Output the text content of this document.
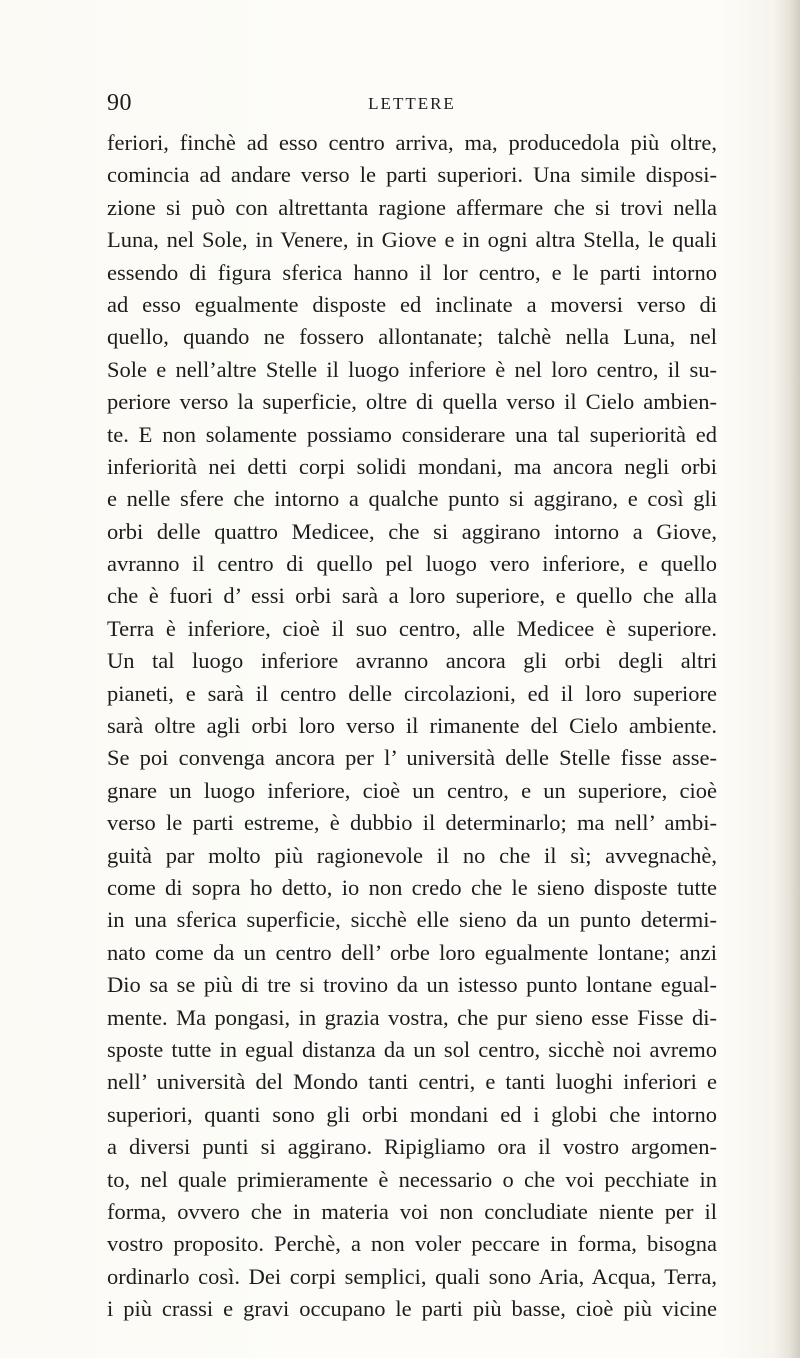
90	LETTERE
feriori, finchè ad esso centro arriva, ma, producedola più oltre,
comincia ad andare verso le parti superiori. Una simile disposi-
zione si può con altrettanta ragione affermare che si trovi nella
Luna, nel Sole, in Venere, in Giove e in ogni altra Stella, le quali
essendo di figura sferica hanno il lor centro, e le parti intorno
ad esso egualmente disposte ed inclinate a moversi verso di
quello, quando ne fossero allontanate; talchè nella Luna, nel
Sole e nell’altre Stelle il luogo inferiore è nel loro centro, il su-
periore verso la superficie, oltre di quella verso il Cielo ambien-
te. E non solamente possiamo considerare una tal superiorità ed
inferiorità nei detti corpi solidi mondani, ma ancora negli orbi
e nelle sfere che intorno a qualche punto si aggirano, e così gli
orbi delle quattro Medicee, che si aggirano intorno a Giove,
avranno il centro di quello pel luogo vero inferiore, e quello
che è fuori d’ essi orbi sarà a loro superiore, e quello che alla
Terra è inferiore, cioè il suo centro, alle Medicee è superiore.
Un tal luogo inferiore avranno ancora gli orbi degli altri
pianeti, e sarà il centro delle circolazioni, ed il loro superiore
sarà oltre agli orbi loro verso il rimanente del Cielo ambiente.
Se poi convenga ancora per l’ università delle Stelle fisse asse-
gnare un luogo inferiore, cioè un centro, e un superiore, cioè
verso le parti estreme, è dubbio il determinarlo; ma nell’ ambi-
guità par molto più ragionevole il no che il sì; avvegnachè,
come di sopra ho detto, io non credo che le sieno disposte tutte
in una sferica superficie, sicchè elle sieno da un punto determi-
nato come da un centro dell’ orbe loro egualmente lontane; anzi
Dio sa se più di tre si trovino da un istesso punto lontane egual-
mente. Ma pongasi, in grazia vostra, che pur sieno esse Fisse di-
sposte tutte in egual distanza da un sol centro, sicchè noi avremo
nell’ università del Mondo tanti centri, e tanti luoghi inferiori e
superiori, quanti sono gli orbi mondani ed i globi che intorno
a diversi punti si aggirano. Ripigliamo ora il vostro argomen-
to, nel quale primieramente è necessario o che voi pecchiate in
forma, ovvero che in materia voi non concludiate niente per il
vostro proposito. Perchè, a non voler peccare in forma, bisogna
ordinarlo così. Dei corpi semplici, quali sono Aria, Acqua, Terra,
i più crassi e gravi occupano le parti più basse, cioè più vicine
